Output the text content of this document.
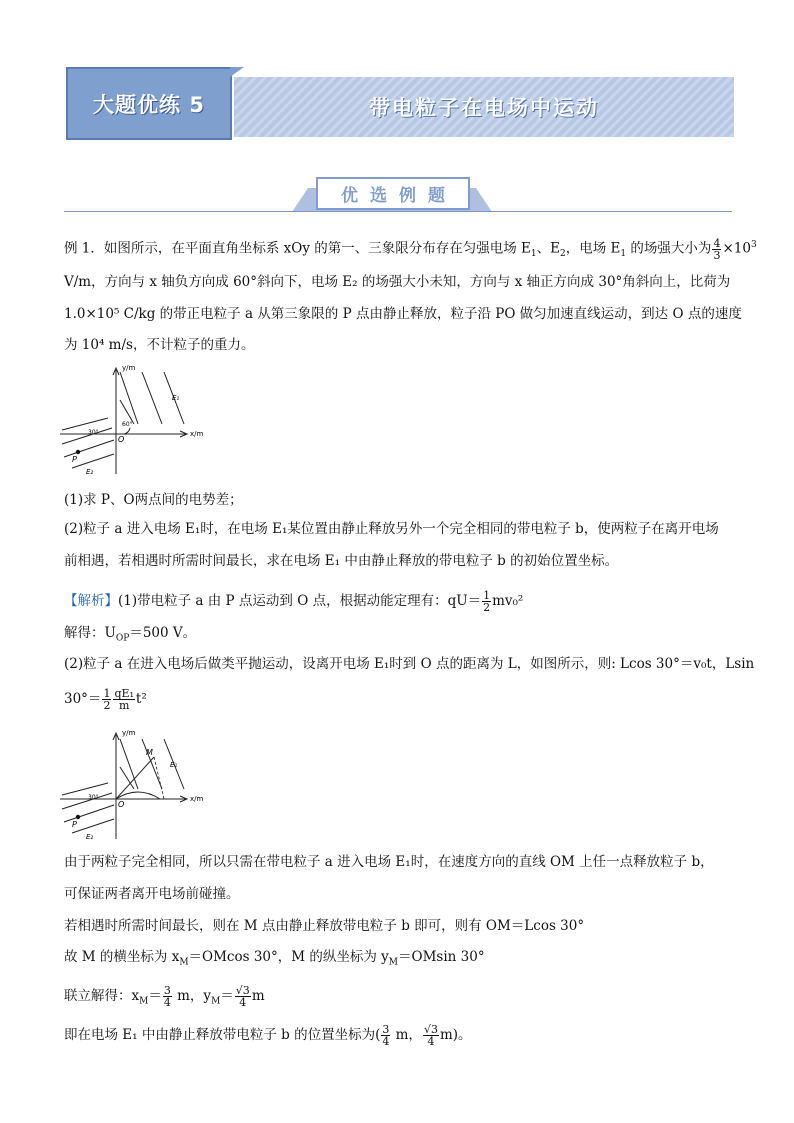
大题优练 5	带电粒子在电场中运动
优选例题
例 1．如图所示，在平面直角坐标系 xOy 的第一、三象限分布存在匀强电场 $E_1$、$E_2$，电场 $E_1$ 的场强大小为 $\frac{4}{3} \times 10^3$
V/m，方向与 x 轴负方向成 60°斜向下，电场 E₂ 的场强大小未知，方向与 x 轴正方向成 30°角斜向上，比荷为
1.0×10⁵ C/kg 的带正电粒子 a 从第三象限的 P 点由静止释放，粒子沿 PO 做匀加速直线运动，到达 O 点的速度
为 10⁴ m/s，不计粒子的重力。
y/m
x/m
E₁
E₂
P
O
60°
30°
(1)求 P、O两点间的电势差；
(2)粒子 a 进入电场 E₁时，在电场 E₁某位置由静止释放另外一个完全相同的带电粒子 b，使两粒子在离开电场
前相遇，若相遇时所需时间最长，求在电场 E₁ 中由静止释放的带电粒子 b 的初始位置坐标。
【解析】(1)带电粒子 a 由 P 点运动到 O 点，根据动能定理有：$qU= \frac{1}{2} mv_0^2$
解得：$U_{OP}=500$ V。
(2)粒子 a 在进入电场后做类平抛运动，设离开电场 E₁时到 O 点的距离为 L，如图所示，则: Lcos 30°＝v₀t，Lsin
$30^\circ= \frac{1}{2} \frac{\text{qE₁}}{m} t^2$
y/m
x/m
E₁
E₂
P
O
M
30°
由于两粒子完全相同，所以只需在带电粒子 a 进入电场 E₁时，在速度方向的直线 OM 上任一点释放粒子 b，
可保证两者离开电场前碰撞。
若相遇时所需时间最长，则在 M 点由静止释放带电粒子 b 即可，则有 OM＝Lcos 30°
故 M 的横坐标为 $x_M=OMcos$ 30°，M 的纵坐标为 $y_M=OMsin$ 30°
联立解得：$x_M= \frac{3}{4}$ m，$y_M= \frac{√3}{4}$ m
即在电场 E₁ 中由静止释放带电粒子 b 的位置坐标为( $\frac{3}{4}$ m， $\frac{√3}{4} m$)。
